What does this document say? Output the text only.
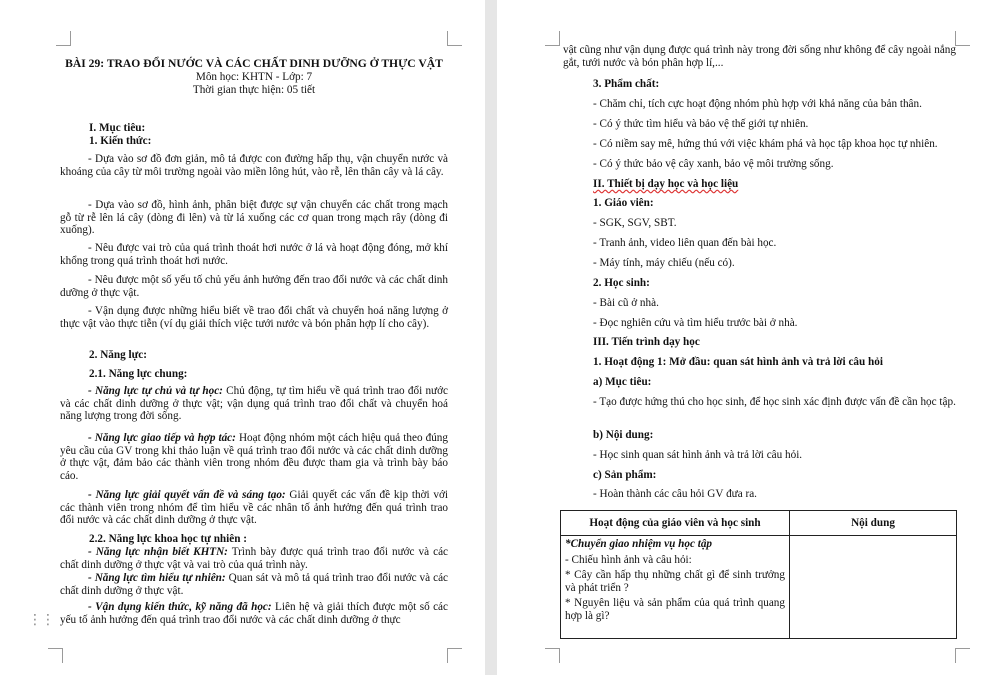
BÀI 29: TRAO ĐỔI NƯỚC VÀ CÁC CHẤT DINH DƯỠNG Ở THỰC VẬT
Môn học: KHTN - Lớp: 7
Thời gian thực hiện: 05 tiết
I. Mục tiêu:
1. Kiến thức:
- Dựa vào sơ đồ đơn giản, mô tả được con đường hấp thụ, vận chuyển nước và khoáng của cây từ môi trường ngoài vào miền lông hút, vào rễ, lên thân cây và lá cây.
- Dựa vào sơ đồ, hình ảnh, phân biệt được sự vận chuyển các chất trong mạch gỗ từ rễ lên lá cây (dòng đi lên) và từ lá xuống các cơ quan trong mạch rây (dòng đi xuống).
- Nêu được vai trò của quá trình thoát hơi nước ở lá và hoạt động đóng, mở khí khổng trong quá trình thoát hơi nước.
- Nêu được một số yếu tố chủ yếu ảnh hưởng đến trao đổi nước và các chất dinh dưỡng ở thực vật.
- Vận dụng được những hiểu biết về trao đổi chất và chuyển hoá năng lượng ở thực vật vào thực tiễn (ví dụ giải thích việc tưới nước và bón phân hợp lí cho cây).
2. Năng lực:
2.1. Năng lực chung:
- Năng lực tự chủ và tự học: Chủ động, tự tìm hiểu về quá trình trao đổi nước và các chất dinh dưỡng ở thực vật; vận dụng quá trình trao đổi chất và chuyển hoá năng lượng trong đời sống.
- Năng lực giao tiếp và hợp tác: Hoạt động nhóm một cách hiệu quả theo đúng yêu cầu của GV trong khi thảo luận về quá trình trao đổi nước và các chất dinh dưỡng ở thực vật, đảm bảo các thành viên trong nhóm đều được tham gia và trình bày báo cáo.
- Năng lực giải quyết vấn đề và sáng tạo: Giải quyết các vấn đề kịp thời với các thành viên trong nhóm để tìm hiểu về các nhân tố ảnh hưởng đến quá trình trao đổi nước và các chất dinh dưỡng ở thực vật.
2.2. Năng lực khoa học tự nhiên :
- Năng lực nhận biết KHTN: Trình bày được quá trình trao đổi nước và các chất dinh dưỡng ở thực vật và vai trò của quá trình này.
- Năng lực tìm hiểu tự nhiên: Quan sát và mô tả quá trình trao đổi nước và các chất dinh dưỡng ở thực vật.
- Vận dụng kiến thức, kỹ năng đã học: Liên hệ và giải thích được một số các yếu tố ảnh hưởng đến quá trình trao đổi nước và các chất dinh dưỡng ở thực
⋮⋮
vật cũng như vận dụng được quá trình này trong đời sống như không để cây ngoài nắng gắt, tưới nước và bón phân hợp lí,...
3. Phẩm chất:
- Chăm chỉ, tích cực hoạt động nhóm phù hợp với khả năng của bản thân.
- Có ý thức tìm hiểu và bảo vệ thế giới tự nhiên.
- Có niềm say mê, hứng thú với việc khám phá và học tập khoa học tự nhiên.
- Có ý thức bảo vệ cây xanh, bảo vệ môi trường sống.
II. Thiết bị dạy học và học liệu
1. Giáo viên:
- SGK, SGV, SBT.
- Tranh ảnh, video liên quan đến bài học.
- Máy tính, máy chiếu (nếu có).
2. Học sinh:
- Bài cũ ở nhà.
- Đọc nghiên cứu và tìm hiểu trước bài ở nhà.
III. Tiến trình dạy học
1. Hoạt động 1: Mở đầu: quan sát hình ảnh và trả lời câu hỏi
a) Mục tiêu:
- Tạo được hứng thú cho học sinh, để học sinh xác định được vấn đề cần học tập.
b) Nội dung:
- Học sinh quan sát hình ảnh và trả lời câu hỏi.
c) Sản phẩm:
- Hoàn thành các câu hỏi GV đưa ra.
Hoạt động của giáo viên và học sinh	Nội dung

*Chuyển giao nhiệm vụ học tập
- Chiếu hình ảnh và câu hỏi:
* Cây cần hấp thụ những chất gì để sinh trưởng và phát triển ?
* Nguyên liệu và sản phẩm của quá trình quang hợp là gì?	
